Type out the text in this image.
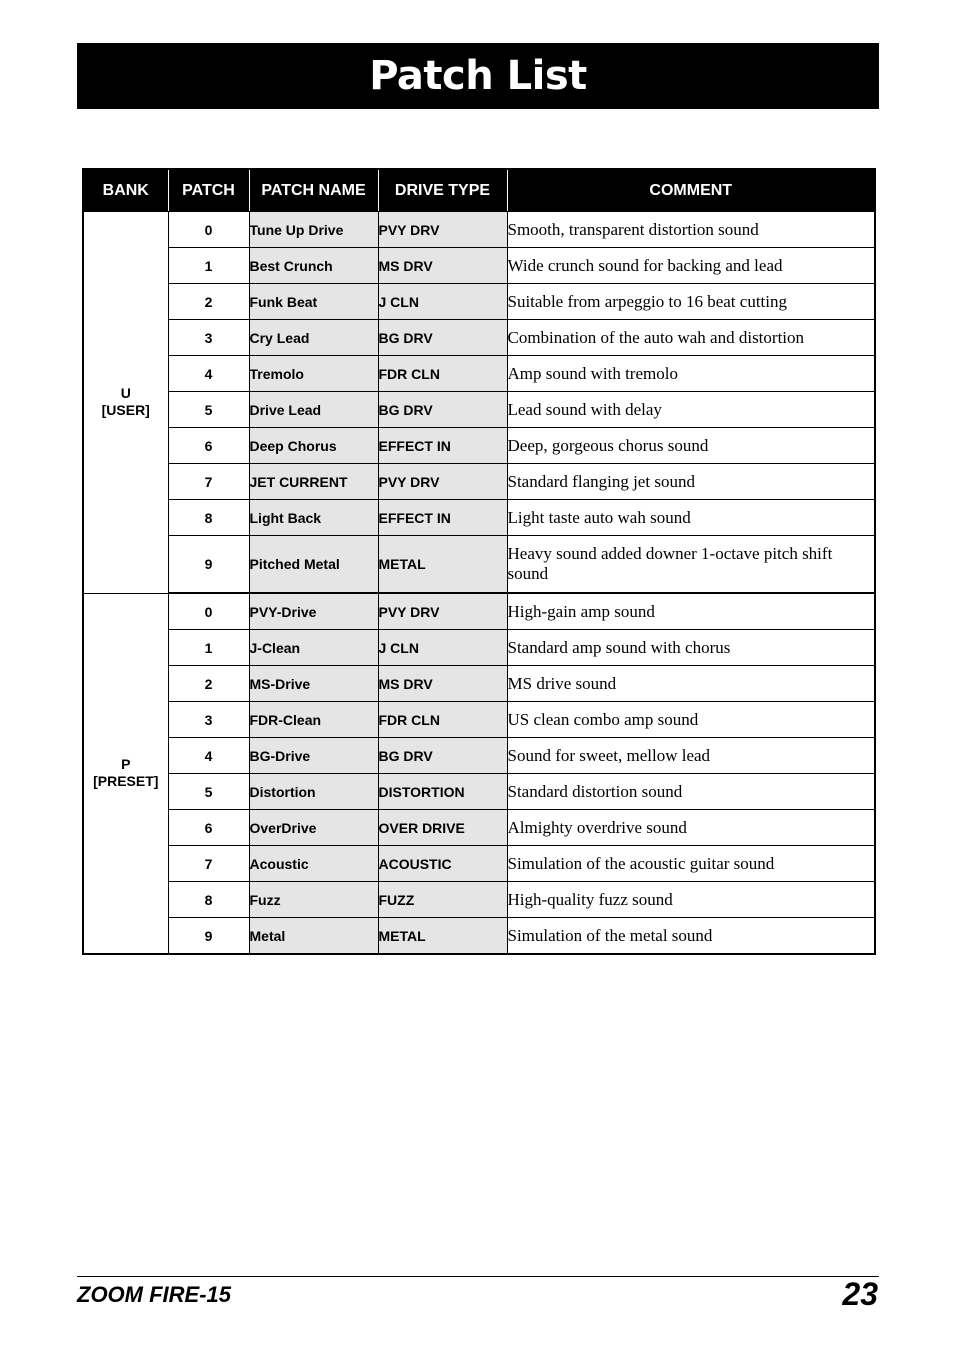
Patch List
BANK	PATCH	PATCH NAME	DRIVE TYPE	COMMENT
U
[USER]	0	Tune Up Drive	PVY DRV	Smooth, transparent distortion sound
	1	Best Crunch	MS DRV	Wide crunch sound for backing and lead
	2	Funk Beat	J CLN	Suitable from arpeggio to 16 beat cutting
	3	Cry Lead	BG DRV	Combination of the auto wah and distortion
	4	Tremolo	FDR CLN	Amp sound with tremolo
	5	Drive Lead	BG DRV	Lead sound with delay
	6	Deep Chorus	EFFECT IN	Deep, gorgeous chorus sound
	7	JET CURRENT	PVY DRV	Standard flanging jet sound
	8	Light Back	EFFECT IN	Light taste auto wah sound
	9	Pitched Metal	METAL	Heavy sound added downer 1-octave pitch shift sound
P
[PRESET]	0	PVY-Drive	PVY DRV	High-gain amp sound
	1	J-Clean	J CLN	Standard amp sound with chorus
	2	MS-Drive	MS DRV	MS drive sound
	3	FDR-Clean	FDR CLN	US clean combo amp sound
	4	BG-Drive	BG DRV	Sound for sweet, mellow lead
	5	Distortion	DISTORTION	Standard distortion sound
	6	OverDrive	OVER DRIVE	Almighty overdrive sound
	7	Acoustic	ACOUSTIC	Simulation of the acoustic guitar sound
	8	Fuzz	FUZZ	High-quality fuzz sound
	9	Metal	METAL	Simulation of the metal sound
ZOOM FIRE-15	23
